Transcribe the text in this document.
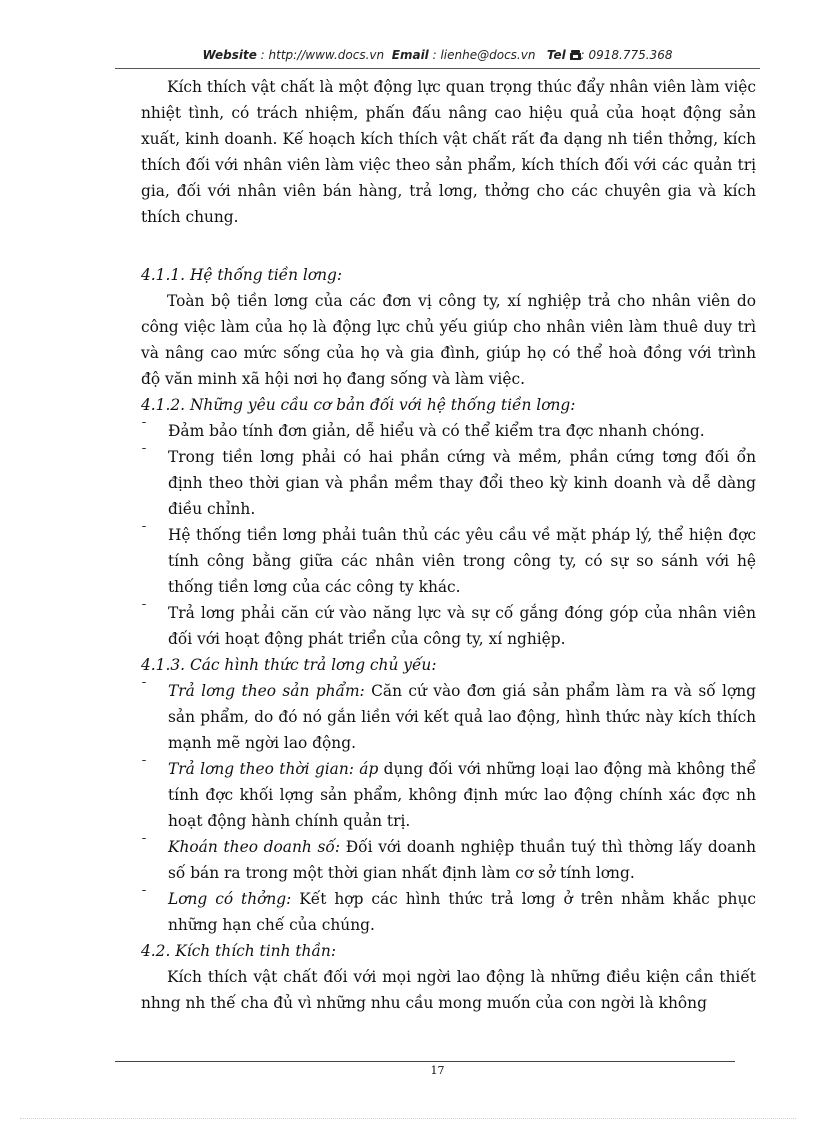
Website : http://www.docs.vn Email : lienhe@docs.vn Tel : 0918.775.368

Kích thích vật chất là một động lực quan trọng thúc đẩy nhân viên làm việc nhiệt tình, có trách nhiệm, phấn đấu nâng cao hiệu quả của hoạt động sản xuất, kinh doanh. Kế hoạch kích thích vật chất rất đa dạng nh tiền thởng, kích thích đối với nhân viên làm việc theo sản phẩm, kích thích đối với các quản trị gia, đối với nhân viên bán hàng, trả lơng, thởng cho các chuyên gia và kích thích chung.

4.1.1. Hệ thống tiền lơng:

Toàn bộ tiền lơng của các đơn vị công ty, xí nghiệp trả cho nhân viên do công việc làm của họ là động lực chủ yếu giúp cho nhân viên làm thuê duy trì và nâng cao mức sống của họ và gia đình, giúp họ có thể hoà đồng với trình độ văn minh xã hội nơi họ đang sống và làm việc.

4.1.2. Những yêu cầu cơ bản đối với hệ thống tiền lơng:

ˉ Đảm bảo tính đơn giản, dễ hiểu và có thể kiểm tra đợc nhanh chóng.
ˉ Trong tiền lơng phải có hai phần cứng và mềm, phần cứng tơng đối ổn định theo thời gian và phần mềm thay đổi theo kỳ kinh doanh và dễ dàng điều chỉnh.
ˉ Hệ thống tiền lơng phải tuân thủ các yêu cầu về mặt pháp lý, thể hiện đợc tính công bằng giữa các nhân viên trong công ty, có sự so sánh với hệ thống tiền lơng của các công ty khác.
ˉ Trả lơng phải căn cứ vào năng lực và sự cố gắng đóng góp của nhân viên đối với hoạt động phát triển của công ty, xí nghiệp.

4.1.3. Các hình thức trả lơng chủ yếu:

ˉ Trả lơng theo sản phẩm: Căn cứ vào đơn giá sản phẩm làm ra và số lợng sản phẩm, do đó nó gắn liền với kết quả lao động, hình thức này kích thích mạnh mẽ ngời lao động.
ˉ Trả lơng theo thời gian: áp dụng đối với những loại lao động mà không thể tính đợc khối lợng sản phẩm, không định mức lao động chính xác đợc nh hoạt động hành chính quản trị.
ˉ Khoán theo doanh số: Đối với doanh nghiệp thuần tuý thì thờng lấy doanh số bán ra trong một thời gian nhất định làm cơ sở tính lơng.
ˉ Lơng có thởng: Kết hợp các hình thức trả lơng ở trên nhằm khắc phục những hạn chế của chúng.

4.2. Kích thích tinh thần:

Kích thích vật chất đối với mọi ngời lao động là những điều kiện cần thiết nhng nh thế cha đủ vì những nhu cầu mong muốn của con ngời là không

17
